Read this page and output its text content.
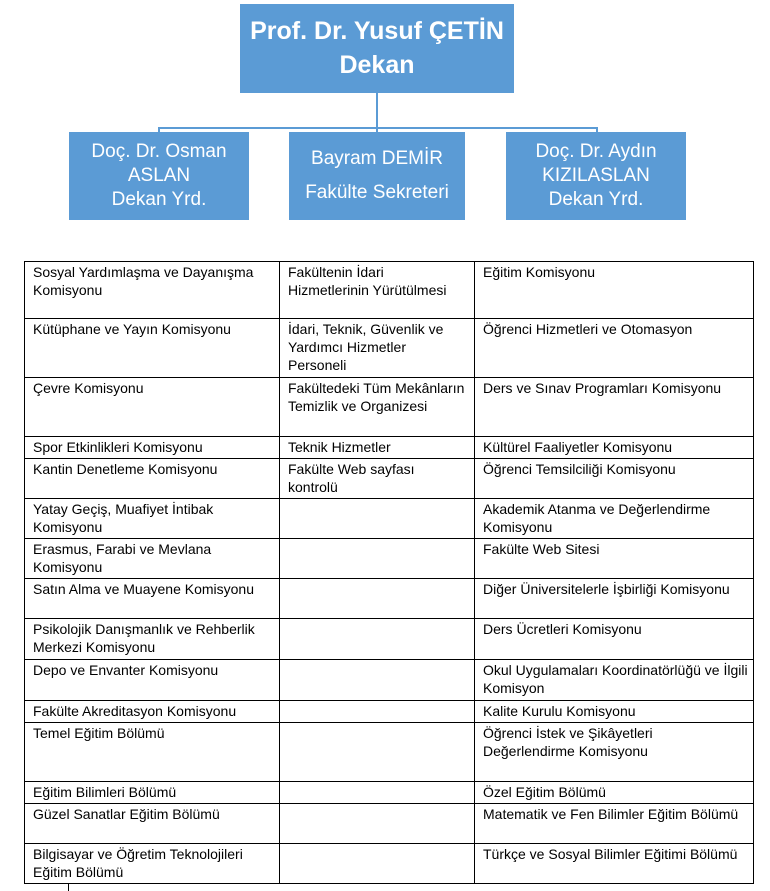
Prof. Dr. Yusuf ÇETİN
Dekan
Doç. Dr. Osman
ASLAN
Dekan Yrd.
Bayram DEMİR
Fakülte Sekreteri
Doç. Dr. Aydın
KIZILASLAN
Dekan Yrd.
Sosyal Yardımlaşma ve Dayanışma Komisyonu	Fakültenin İdari Hizmetlerinin Yürütülmesi	Eğitim Komisyonu
Kütüphane ve Yayın Komisyonu	İdari, Teknik, Güvenlik ve Yardımcı Hizmetler Personeli	Öğrenci Hizmetleri ve Otomasyon
Çevre Komisyonu	Fakültedeki Tüm Mekânların Temizlik ve Organizesi	Ders ve Sınav Programları Komisyonu
Spor Etkinlikleri Komisyonu	Teknik Hizmetler	Kültürel Faaliyetler Komisyonu
Kantin Denetleme Komisyonu	Fakülte Web sayfası kontrolü	Öğrenci Temsilciliği Komisyonu
Yatay Geçiş, Muafiyet İntibak Komisyonu		Akademik Atanma ve Değerlendirme Komisyonu
Erasmus, Farabi ve Mevlana Komisyonu		Fakülte Web Sitesi
Satın Alma ve Muayene Komisyonu		Diğer Üniversitelerle İşbirliği Komisyonu
Psikolojik Danışmanlık ve Rehberlik Merkezi Komisyonu		Ders Ücretleri Komisyonu
Depo ve Envanter Komisyonu		Okul Uygulamaları Koordinatörlüğü ve İlgili Komisyon
Fakülte Akreditasyon Komisyonu		Kalite Kurulu Komisyonu
Temel Eğitim Bölümü		Öğrenci İstek ve Şikâyetleri   Değerlendirme Komisyonu
Eğitim Bilimleri Bölümü		Özel Eğitim Bölümü
Güzel Sanatlar Eğitim Bölümü		Matematik ve Fen Bilimler Eğitim Bölümü
Bilgisayar ve Öğretim Teknolojileri Eğitim Bölümü		Türkçe ve Sosyal Bilimler Eğitimi Bölümü
